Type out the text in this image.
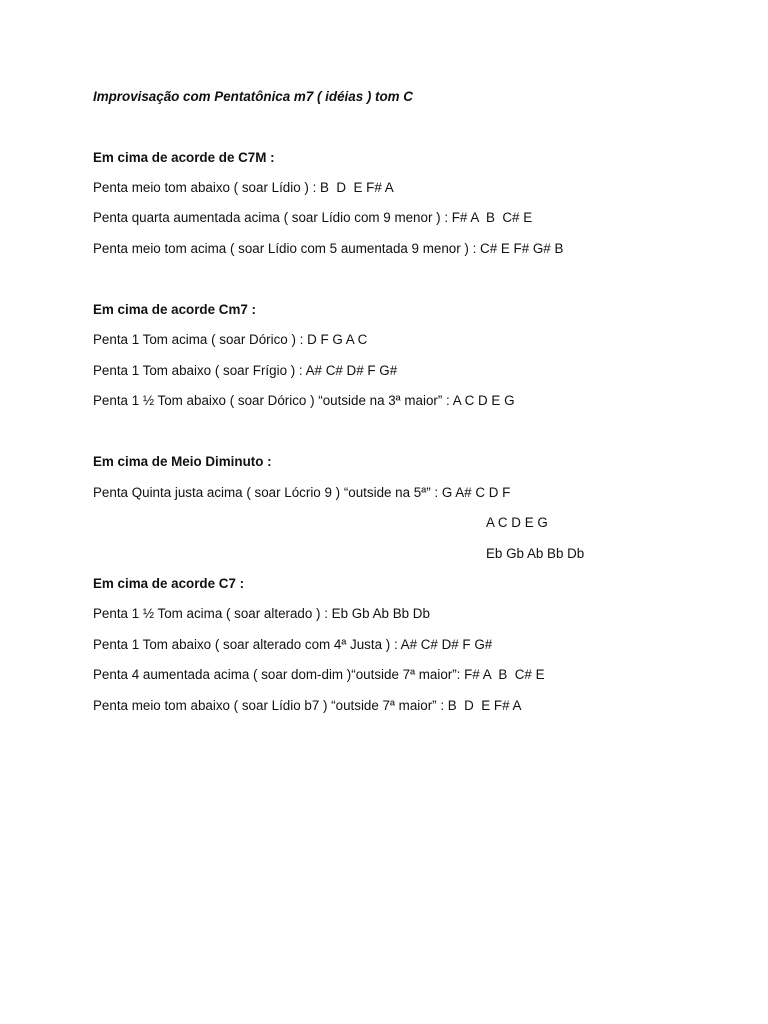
Improvisação com Pentatônica m7 ( idéias ) tom C
Em cima de acorde de C7M :
Penta meio tom abaixo ( soar Lídio ) : B  D  E F# A
Penta quarta aumentada acima ( soar Lídio com 9 menor ) : F# A  B  C# E
Penta meio tom acima ( soar Lídio com 5 aumentada 9 menor ) : C# E F# G# B
Em cima de acorde Cm7 :
Penta 1 Tom acima ( soar Dórico ) : D F G A C
Penta 1 Tom abaixo ( soar Frígio ) : A# C# D# F G#
Penta 1 ½ Tom abaixo ( soar Dórico ) “outside na 3ª maior” : A C D E G
Em cima de Meio Diminuto :
Penta Quinta justa acima ( soar Lócrio 9 ) “outside na 5ª” : G A# C D F
A C D E G
Eb Gb Ab Bb Db
Em cima de acorde C7 :
Penta 1 ½ Tom acima ( soar alterado ) : Eb Gb Ab Bb Db
Penta 1 Tom abaixo ( soar alterado com 4ª Justa ) : A# C# D# F G#
Penta 4 aumentada acima ( soar dom-dim )“outside 7ª maior”: F# A  B  C# E
Penta meio tom abaixo ( soar Lídio b7 ) “outside 7ª maior” : B  D  E F# A
